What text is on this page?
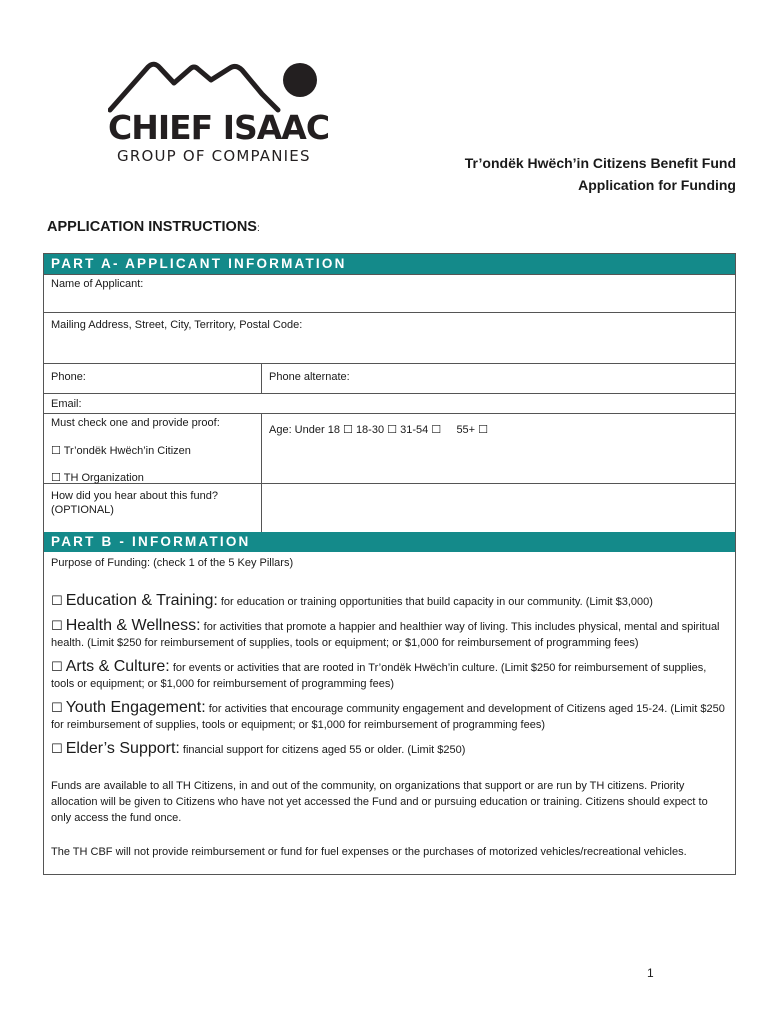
CHIEF ISAAC
GROUP OF COMPANIES	Tr’ondëk Hwëch’in Citizens Benefit Fund
Application for Funding
APPLICATION INSTRUCTIONS:
PART A- APPLICANT INFORMATION
Name of Applicant:
Mailing Address, Street, City, Territory, Postal Code:
Phone:	Phone alternate:
Email:
Must check one and provide proof:
☐ Tr’ondëk Hwëch’in Citizen
☐ TH Organization
Age: Under 18 ☐ 18-30 ☐ 31-54 ☐ 55+ ☐
How did you hear about this fund?
(OPTIONAL)
PART B - INFORMATION
Purpose of Funding: (check 1 of the 5 Key Pillars)
☐ Education & Training: for education or training opportunities that build capacity in our community. (Limit $3,000)
☐ Health & Wellness: for activities that promote a happier and healthier way of living. This includes physical, mental and spiritual health. (Limit $250 for reimbursement of supplies, tools or equipment; or $1,000 for reimbursement of programming fees)
☐ Arts & Culture: for events or activities that are rooted in Tr’ondëk Hwëch’in culture. (Limit $250 for reimbursement of supplies, tools or equipment; or $1,000 for reimbursement of programming fees)
☐ Youth Engagement: for activities that encourage community engagement and development of Citizens aged 15-24. (Limit $250 for reimbursement of supplies, tools or equipment; or $1,000 for reimbursement of programming fees)
☐ Elder’s Support: financial support for citizens aged 55 or older. (Limit $250)
Funds are available to all TH Citizens, in and out of the community, on organizations that support or are run by TH citizens. Priority allocation will be given to Citizens who have not yet accessed the Fund and or pursuing education or training. Citizens should expect to only access the fund once.
The TH CBF will not provide reimbursement or fund for fuel expenses or the purchases of motorized vehicles/recreational vehicles.
1
